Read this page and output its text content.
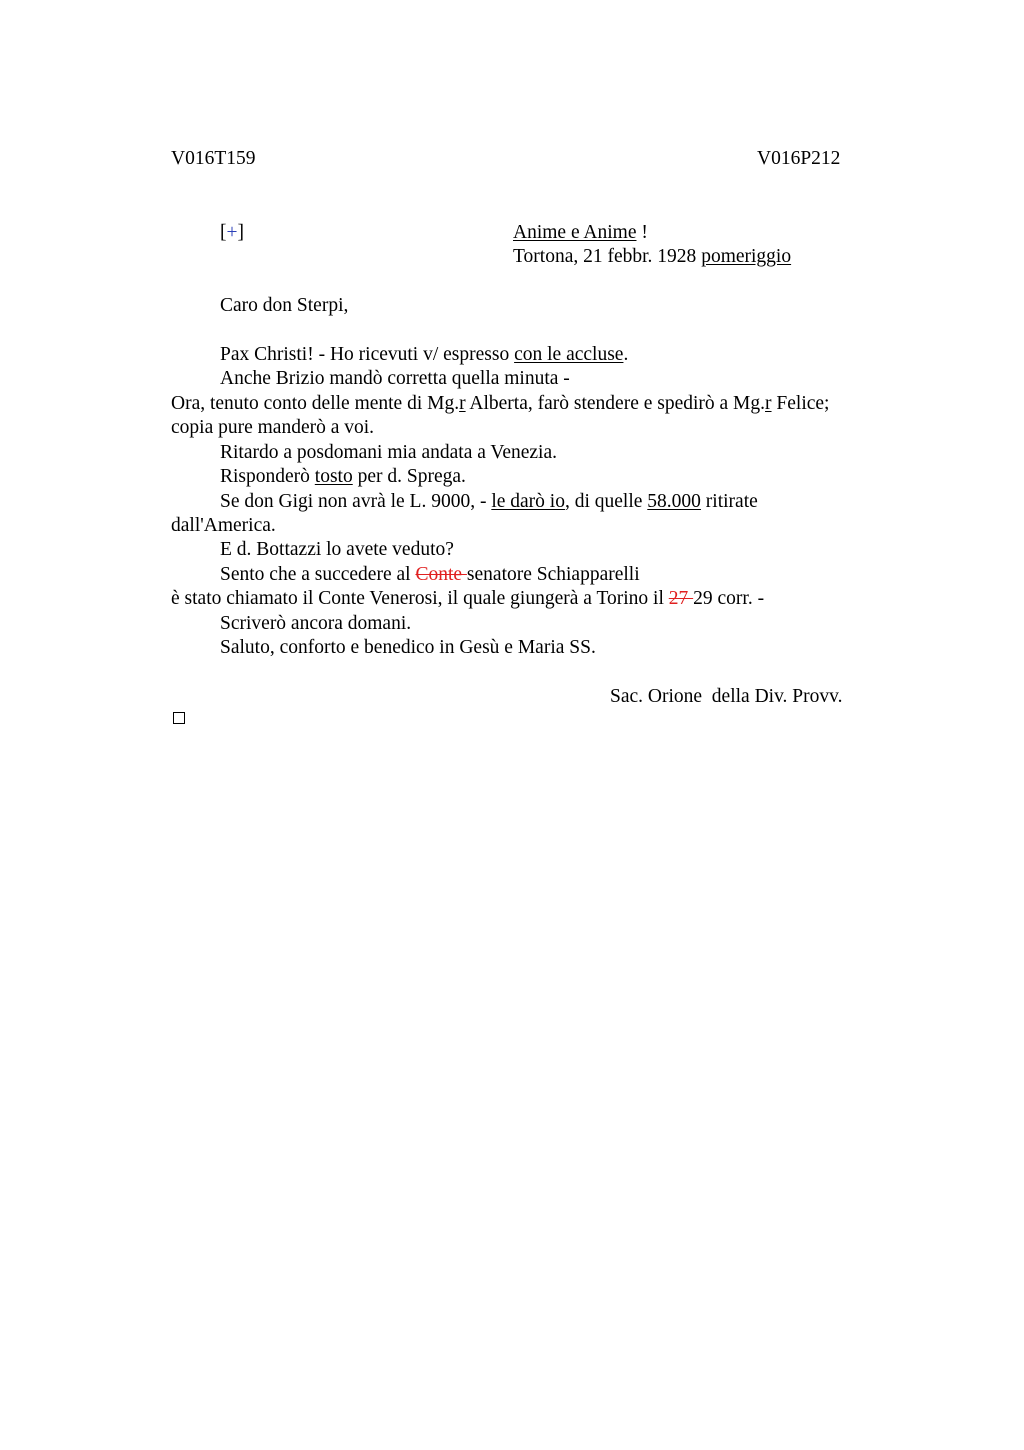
V016T159	V016P212
[+]	Anime e Anime !
Tortona, 21 febbr. 1928 pomeriggio
Caro don Sterpi,
Pax Christi! - Ho ricevuti v/ espresso con le accluse.
Anche Brizio mandò corretta quella minuta -
Ora, tenuto conto delle mente di Mg.r Alberta, farò stendere e spedirò a Mg.r Felice;
copia pure manderò a voi.
Ritardo a posdomani mia andata a Venezia.
Risponderò tosto per d. Sprega.
Se don Gigi non avrà le L. 9000, - le darò io, di quelle 58.000 ritirate
dall'America.
E d. Bottazzi lo avete veduto?
Sento che a succedere al Conte senatore Schiapparelli
è stato chiamato il Conte Venerosi, il quale giungerà a Torino il 27 29 corr. -
Scriverò ancora domani.
Saluto, conforto e benedico in Gesù e Maria SS.
Sac. Orione  della Div. Provv.
